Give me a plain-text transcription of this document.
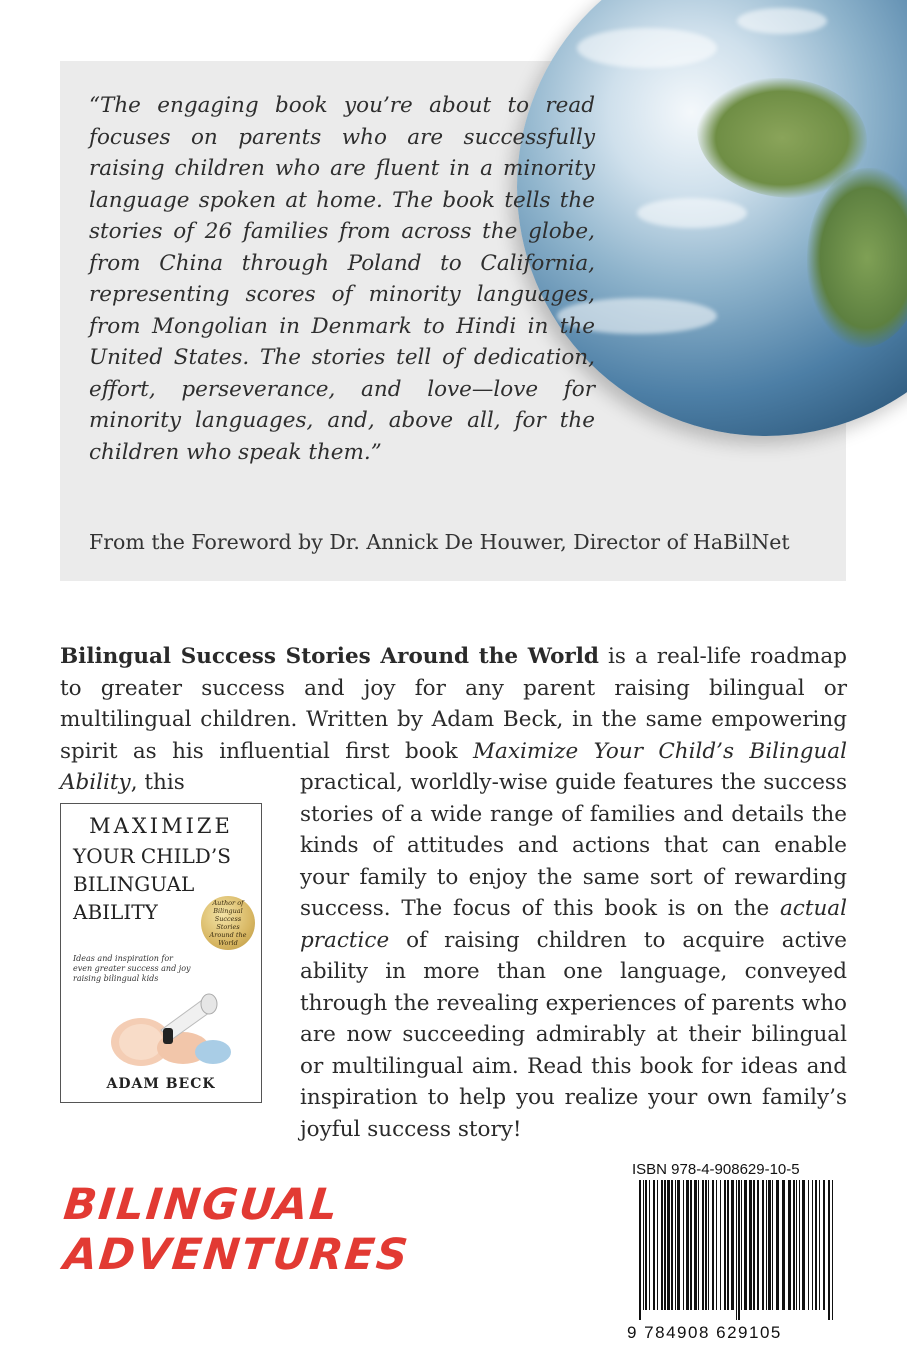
“The engaging book you’re about to read focuses on parents who are successfully raising children who are fluent in a minority language spoken at home. The book tells the stories of 26 families from across the globe, from China through Poland to California, representing scores of minority languages, from Mongolian in Denmark to Hindi in the United States. The stories tell of dedication, effort, perseverance, and love—love for minority languages, and, above all, for the children who speak them.”

From the Foreword by Dr. Annick De Houwer, Director of HaBilNet

Bilingual Success Stories Around the World is a real-life roadmap to greater success and joy for any parent raising bilingual or multilingual children. Written by Adam Beck, in the same empowering spirit as his influential first book Maximize Your Child’s Bilingual Ability, this	practical, worldly-wise guide features the success stories of a wide range of families and details the kinds of attitudes and actions that can enable your family to enjoy the same sort of rewarding success. The focus of this book is on the actual practice of raising children to acquire active ability in more than one language, conveyed through the revealing experiences of parents who are now succeeding admirably at their bilingual or multilingual aim. Read this book for ideas and inspiration to help you realize your own family’s joyful success story!

MAXIMIZE
YOUR CHILD’S
BILINGUAL
ABILITY	Author of Bilingual Success Stories Around the World
Ideas and inspiration for even greater success and joy raising bilingual kids
ADAM BECK
BILINGUAL
ADVENTURES
ISBN 978-4-908629-10-5
9 784908 629105
